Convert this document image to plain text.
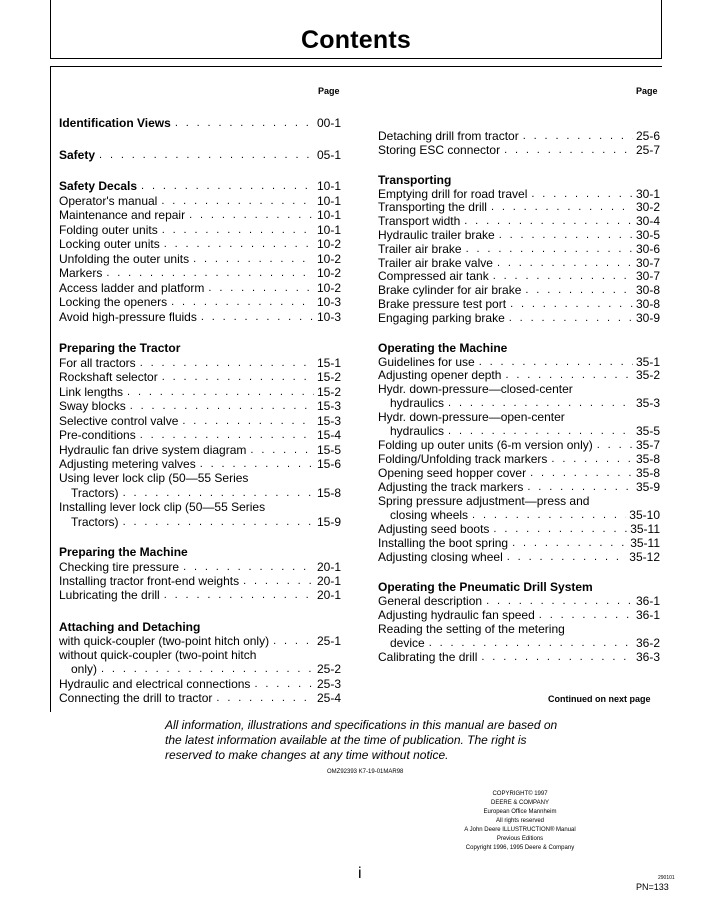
Contents
Page	Page
Identification Views . . .	00-1
Safety . . .	05-1
Safety Decals . . .	10-1
Operator's manual . . .	10-1
Maintenance and repair . . .	10-1
Folding outer units . . .	10-1
Locking outer units . . .	10-2
Unfolding the outer units . . .	10-2
Markers . . .	10-2
Access ladder and platform . . .	10-2
Locking the openers . . .	10-3
Avoid high-pressure fluids . . .	10-3
Preparing the Tractor
For all tractors . . .	15-1
Rockshaft selector . . .	15-2
Link lengths . . .	15-2
Sway blocks . . .	15-3
Selective control valve . . .	15-3
Pre-conditions . . .	15-4
Hydraulic fan drive system diagram . . .	15-5
Adjusting metering valves . . .	15-6
Using lever lock clip (50—55 Series
Tractors) . . .	15-8
Installing lever lock clip (50—55 Series
Tractors) . . .	15-9
Preparing the Machine
Checking tire pressure . . .	20-1
Installing tractor front-end weights . . .	20-1
Lubricating the drill . . .	20-1
Attaching and Detaching
with quick-coupler (two-point hitch only) . . .	25-1
without quick-coupler (two-point hitch
only) . . .	25-2
Hydraulic and electrical connections . . .	25-3
Connecting the drill to tractor . . .	25-4
Detaching drill from tractor . . .	25-6
Storing ESC connector . . .	25-7
Transporting
Emptying drill for road travel . . .	30-1
Transporting the drill . . .	30-2
Transport width . . .	30-4
Hydraulic trailer brake . . .	30-5
Trailer air brake . . .	30-6
Trailer air brake valve . . .	30-7
Compressed air tank . . .	30-7
Brake cylinder for air brake . . .	30-8
Brake pressure test port . . .	30-8
Engaging parking brake . . .	30-9
Operating the Machine
Guidelines for use . . .	35-1
Adjusting opener depth . . .	35-2
Hydr. down-pressure—closed-center
hydraulics . . .	35-3
Hydr. down-pressure—open-center
hydraulics . . .	35-5
Folding up outer units (6-m version only) . . .	35-7
Folding/Unfolding track markers . . .	35-8
Opening seed hopper cover . . .	35-8
Adjusting the track markers . . .	35-9
Spring pressure adjustment—press and
closing wheels . . .	35-10
Adjusting seed boots . . .	35-11
Installing the boot spring . . .	35-11
Adjusting closing wheel . . .	35-12
Operating the Pneumatic Drill System
General description . . .	36-1
Adjusting hydraulic fan speed . . .	36-1
Reading the setting of the metering
device . . .	36-2
Calibrating the drill . . .	36-3
Continued on next page
All information, illustrations and specifications in this manual are based on
the latest information available at the time of publication. The right is
reserved to make changes at any time without notice.
OMZ92393 K7-19-01MAR98
COPYRIGHT© 1997
DEERE & COMPANY
European Office Mannheim
All rights reserved
A John Deere ILLUSTRUCTION® Manual
Previous Editions
Copyright 1996, 1995 Deere & Company
i	290101
PN=133
